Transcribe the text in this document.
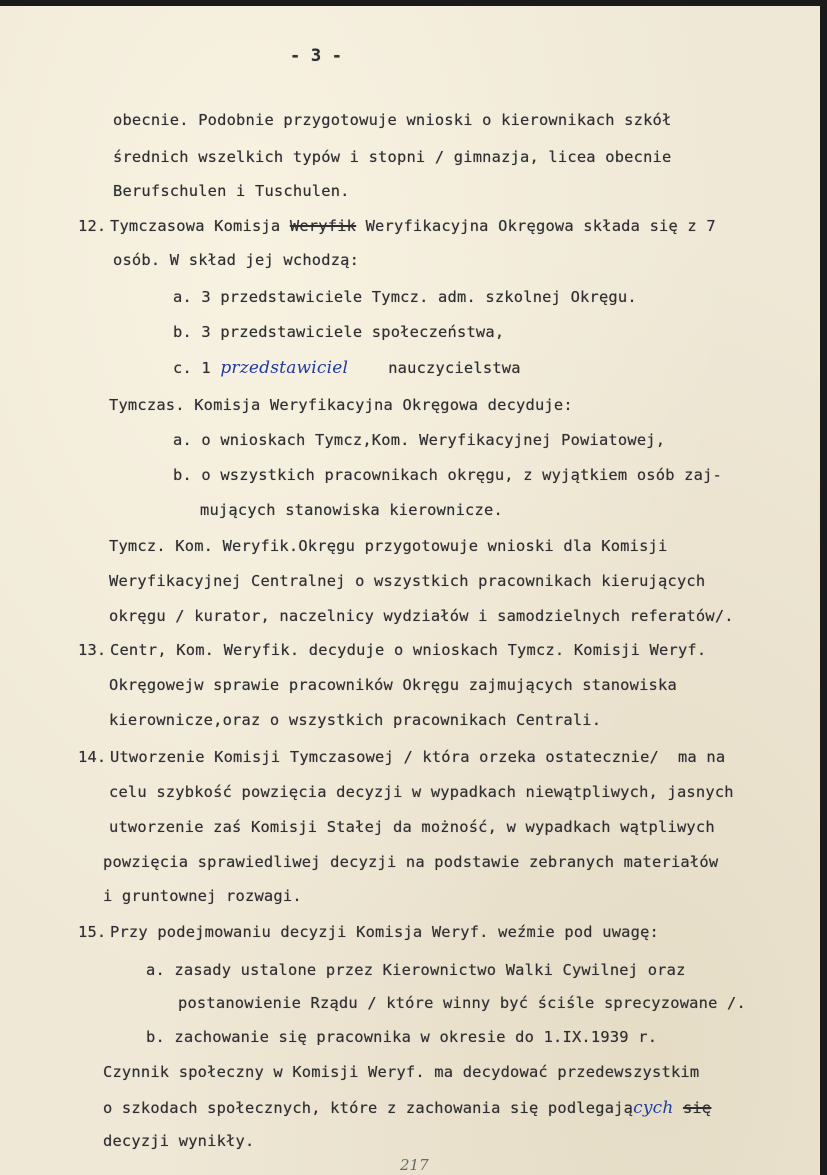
- 3 -
obecnie. Podobnie przygotowuje wnioski o kierownikach szkół
średnich wszelkich typów i stopni / gimnazja, licea obecnie
Berufschulen i Tuschulen.
12. Tymczasowa Komisja Weryfik Weryfikacyjna Okręgowa składa się z 7
osób. W skład jej wchodzą:
a. 3 przedstawiciele Tymcz. adm. szkolnej Okręgu.
b. 3 przedstawiciele społeczeństwa,
c. 1 przedstawiciel	nauczycielstwa
Tymczas. Komisja Weryfikacyjna Okręgowa decyduje:
a. o wnioskach Tymcz,Kom. Weryfikacyjnej Powiatowej,
b. o wszystkich pracownikach okręgu, z wyjątkiem osób zaj-
mujących stanowiska kierownicze.
Tymcz. Kom. Weryfik.Okręgu przygotowuje wnioski dla Komisji
Weryfikacyjnej Centralnej o wszystkich pracownikach kierujących
okręgu / kurator, naczelnicy wydziałów i samodzielnych referatów/.
13. Centr, Kom. Weryfik. decyduje o wnioskach Tymcz. Komisji Weryf.
Okręgowejw sprawie pracowników Okręgu zajmujących stanowiska
kierownicze,oraz o wszystkich pracownikach Centrali.
14. Utworzenie Komisji Tymczasowej / która orzeka ostatecznie/  ma na
celu szybkość powzięcia decyzji w wypadkach niewątpliwych, jasnych
utworzenie zaś Komisji Stałej da możność, w wypadkach wątpliwych
powzięcia sprawiedliwej decyzji na podstawie zebranych materiałów
i gruntownej rozwagi.
15. Przy podejmowaniu decyzji Komisja Weryf. weźmie pod uwagę:
a. zasady ustalone przez Kierownictwo Walki Cywilnej oraz
postanowienie Rządu / które winny być ściśle sprecyzowane /.
b. zachowanie się pracownika w okresie do 1.IX.1939 r.
Czynnik społeczny w Komisji Weryf. ma decydować przedewszystkim
o szkodach społecznych, które z zachowania się podlegających się
decyzji wynikły.
217
